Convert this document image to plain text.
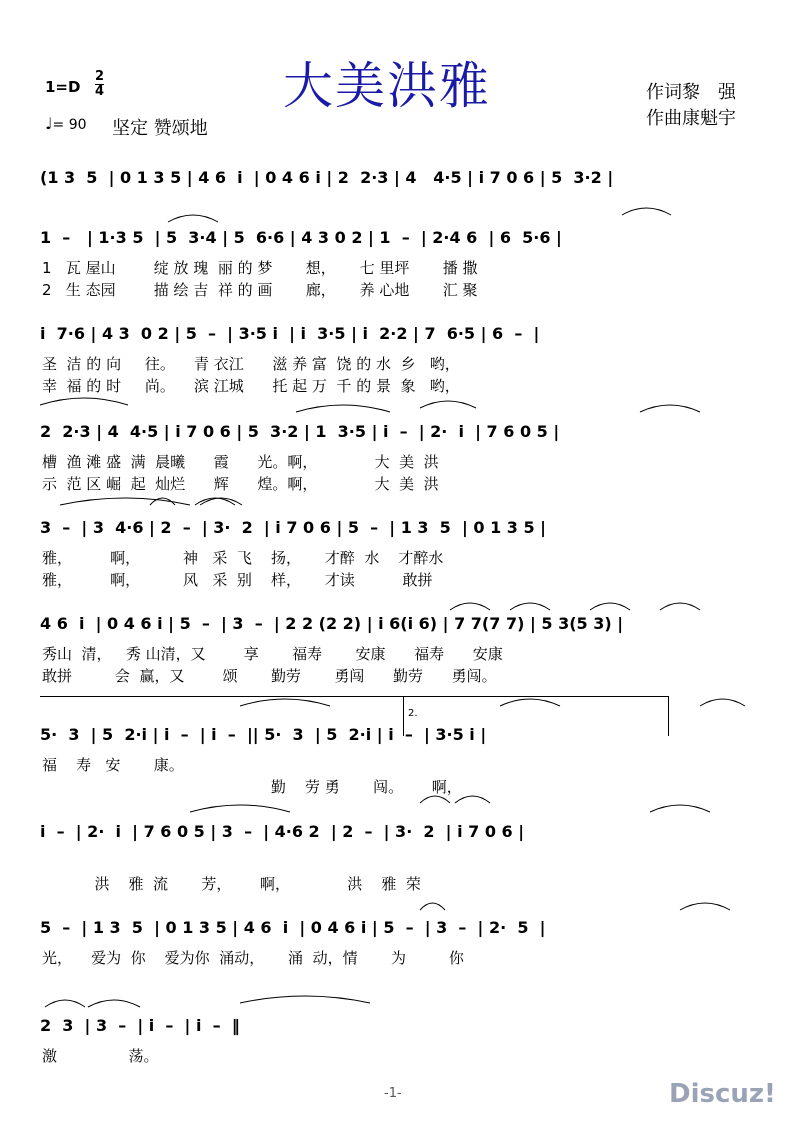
大美洪雅
$1=D \frac{2}{4}$
♩= 90 坚定 赞颂地
作词黎　强
作曲康魁宇
(1 3  5  | 0 1 3 5 | 4 6  i  | 0 4 6 i | 2  2·3 | 4   4·5 | i 7 0 6 | 5  3·2 |
1  –   | 1·3 5  | 5  3·4 | 5  6·6 | 4 3 0 2 | 1  –  | 2·4 6  | 6  5·6 |
1   瓦 屋山        绽 放 瑰  丽 的 梦       想，     七 里坪       播 撒
2   生 态园        描 绘 吉  祥 的 画       廊，     养 心地       汇 聚
i  7·6 | 4 3  0 2 | 5  –  | 3·5 i  | i  3·5 | i  2·2 | 7  6·5 | 6  –  |
圣  洁 的 向     往。    青 衣江      滋 养 富  饶 的 水  乡   哟，
幸  福 的 时     尚。    滨 江城      托 起 万  千 的 景  象   哟，
2  2·3 | 4  4·5 | i 7 0 6 | 5  3·2 | 1  3·5 | i  –  | 2·  i  | 7 6 0 5 |
槽  渔 滩 盛  满  晨曦      霞      光。啊，            大  美  洪
示  范 区 崛  起  灿烂      辉      煌。啊，            大  美  洪
3  –  | 3  4·6 | 2  –  | 3·  2  | i 7 0 6 | 5  –  | 1 3  5  | 0 1 3 5 |
雅，        啊，         神   采  飞    扬，     才醉  水    才醉水
雅，        啊，         风   采  别    样，     才读          敢拼
4 6  i  | 0 4 6 i | 5  –  | 3  –  | 2 2 (2 2) | i 6(i 6) | 7 7(7 7) | 5 3(5 3) |
秀山  清，   秀 山清，又        享       福寿       安康      福寿      安康
敢拼         会  赢，又        颂       勤劳       勇闯      勤劳      勇闯。
5·  3  | 5  2·i | i  –  | i  –  || 5·  3  | 5  2·i | i  –  | 3·5 i |
福    寿   安       康。
勤    劳 勇       闯。      啊，
i  –  | 2·  i  | 7 6 0 5 | 3  –  | 4·6 2  | 2  –  | 3·  2  | i 7 0 6 |
洪    雅  流       芳，      啊，            洪    雅  荣
5  –  | 1 3  5  | 0 1 3 5 | 4 6  i  | 0 4 6 i | 5  –  | 3  –  | 2·  5  |
光，    爱为  你    爱为你  涌动，     涌  动，情       为         你
2  3  | 3  –  | i  –  | i  –  ‖
激               荡。
2.
-1-	Discuz!
